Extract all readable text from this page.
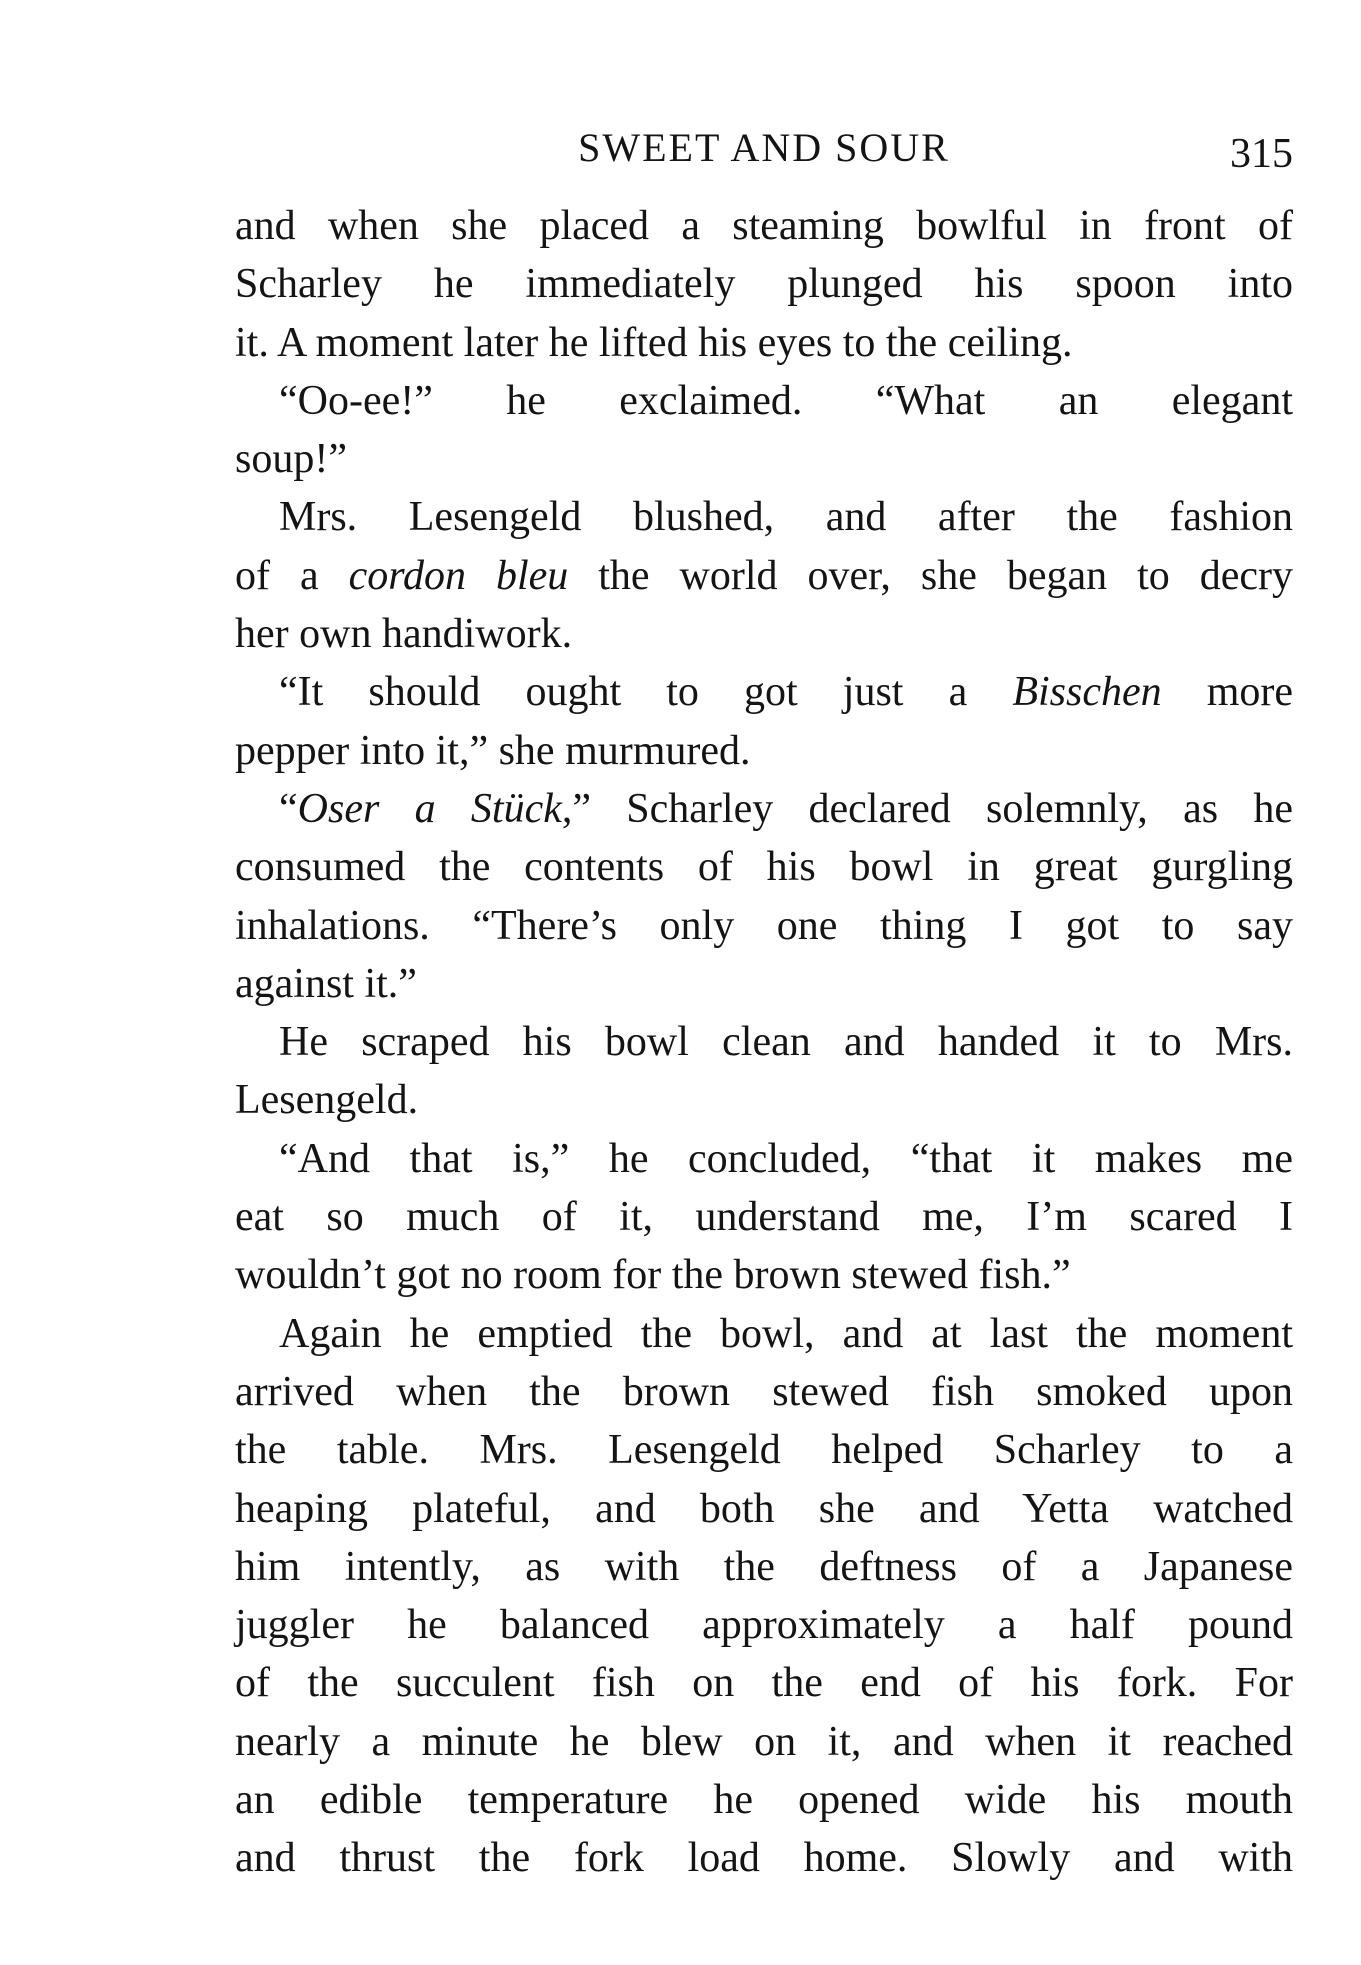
SWEET AND SOUR	315
and when she placed a steaming bowlful in front of
Scharley he immediately plunged his spoon into
it. A moment later he lifted his eyes to the ceiling.
“Oo-ee!” he exclaimed. “What an elegant
soup!”
Mrs. Lesengeld blushed, and after the fashion
of a cordon bleu the world over, she began to decry
her own handiwork.
“It should ought to got just a Bisschen more
pepper into it,” she murmured.
“Oser a Stück,” Scharley declared solemnly, as he
consumed the contents of his bowl in great gurgling
inhalations. “There’s only one thing I got to say
against it.”
He scraped his bowl clean and handed it to Mrs.
Lesengeld.
“And that is,” he concluded, “that it makes me
eat so much of it, understand me, I’m scared I
wouldn’t got no room for the brown stewed fish.”
Again he emptied the bowl, and at last the moment
arrived when the brown stewed fish smoked upon
the table. Mrs. Lesengeld helped Scharley to a
heaping plateful, and both she and Yetta watched
him intently, as with the deftness of a Japanese
juggler he balanced approximately a half pound
of the succulent fish on the end of his fork. For
nearly a minute he blew on it, and when it reached
an edible temperature he opened wide his mouth
and thrust the fork load home. Slowly and with
